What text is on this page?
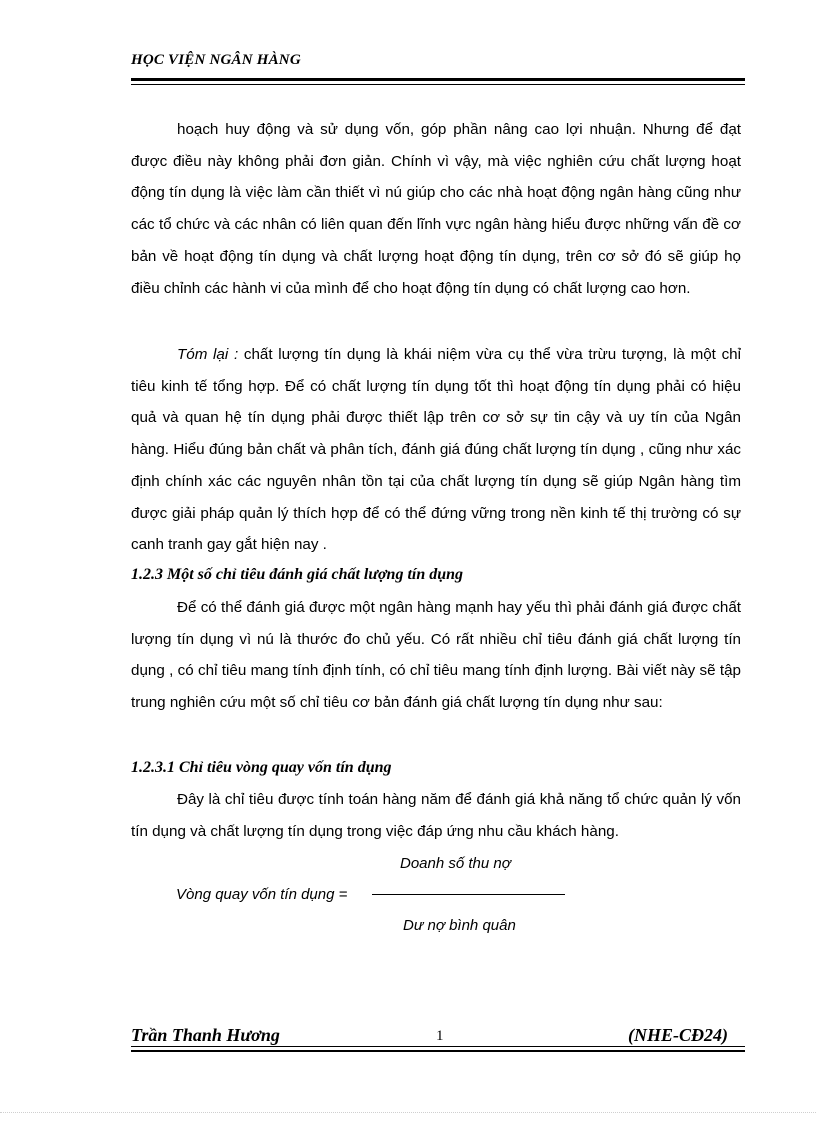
HỌC VIỆN NGÂN HÀNG

hoạch huy động và sử dụng vốn, góp phần nâng cao lợi nhuận. Nhưng để đạt được điều này không phải đơn giản. Chính vì vậy, mà việc nghiên cứu chất lượng hoạt động tín dụng là việc làm cần thiết vì nú giúp cho các nhà hoạt động ngân hàng cũng như các tổ chức và các nhân có liên quan đến lĩnh vực ngân hàng hiểu được những vấn đề cơ bản về hoạt động tín dụng và chất lượng hoạt động tín dụng, trên cơ sở đó sẽ giúp họ điều chỉnh các hành vi của mình để cho hoạt động tín dụng có chất lượng cao hơn.

Tóm lại : chất lượng tín dụng là khái niệm vừa cụ thể vừa trừu tượng, là một chỉ tiêu kinh tế tổng hợp. Để có chất lượng tín dụng tốt thì hoạt động tín dụng phải có hiệu quả và quan hệ tín dụng phải được thiết lập trên cơ sở sự tin cậy và uy tín của Ngân hàng. Hiểu đúng bản chất và phân tích, đánh giá đúng chất lượng tín dụng , cũng như xác định chính xác các nguyên nhân tồn tại của chất lượng tín dụng sẽ giúp Ngân hàng tìm được giải pháp quản lý thích hợp để có thể đứng vững trong nền kinh tế thị trường có sự canh tranh gay gắt hiện nay .

1.2.3 Một số chỉ tiêu đánh giá chất lượng tín dụng

Để có thể đánh giá được một ngân hàng mạnh hay yếu thì phải đánh giá được chất lượng tín dụng vì nú là thước đo chủ yếu. Có rất nhiều chỉ tiêu đánh giá chất lượng tín dụng , có chỉ tiêu mang tính định tính, có chỉ tiêu mang tính định lượng. Bài viết này sẽ tập trung nghiên cứu một số chỉ tiêu cơ bản đánh giá chất lượng tín dụng như sau:

1.2.3.1 Chỉ tiêu vòng quay vốn tín dụng

Đây là chỉ tiêu được tính toán hàng năm để đánh giá khả năng tổ chức quản lý vốn tín dụng và chất lượng tín dụng trong việc đáp ứng nhu cầu khách hàng.

Doanh số thu nợ
Vòng quay vốn tín dụng =
Dư nợ bình quân
Trần Thanh Hương	1	(NHE-CĐ24)
